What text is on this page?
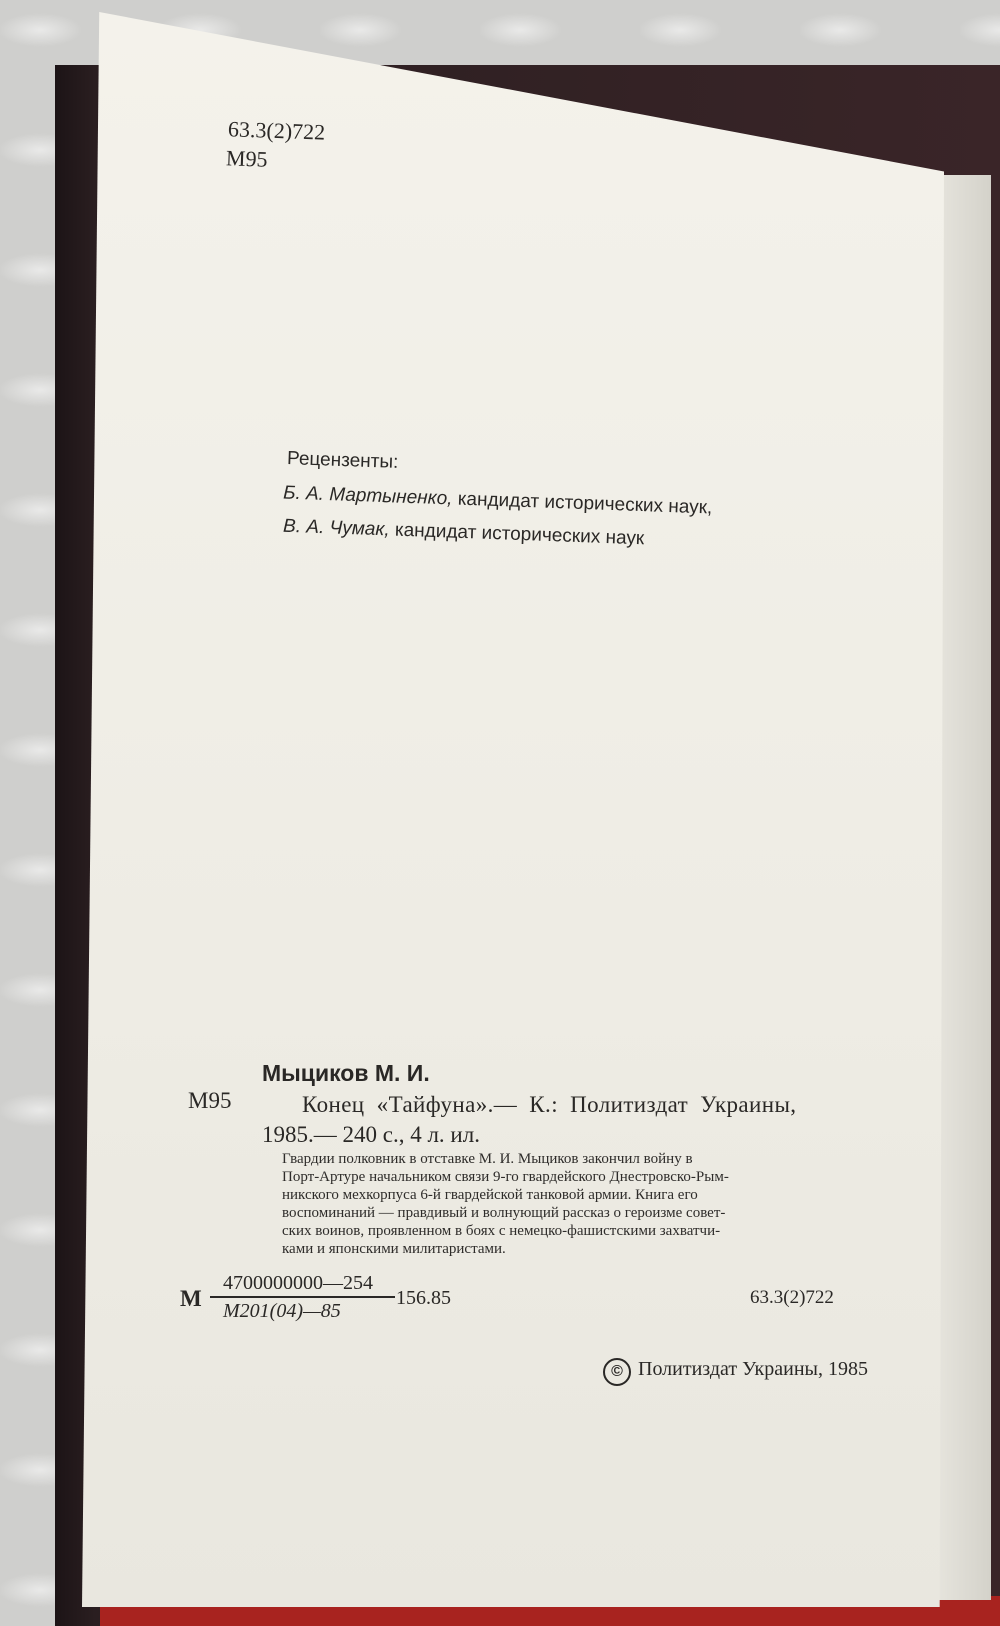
63.3(2)722
М95
Рецензенты:
Б. А. Мартыненко, кандидат исторических наук,
В. А. Чумак, кандидат исторических наук
Мыциков М. И.
М95	Конец «Тайфуна».— К.: Политиздат Украины,
1985.— 240 с., 4 л. ил.
Гвардии полковник в отставке М. И. Мыциков закончил войну в
Порт-Артуре начальником связи 9-го гвардейского Днестровско-Рым-
никского мехкорпуса 6-й гвардейской танковой армии. Книга его
воспоминаний — правдивый и волнующий рассказ о героизме совет-
ских воинов, проявленном в боях с немецко-фашистскими захватчи-
ками и японскими милитаристами.
М
4700000000—254
М201(04)—85
156.85	63.3(2)722
© Политиздат Украины, 1985
